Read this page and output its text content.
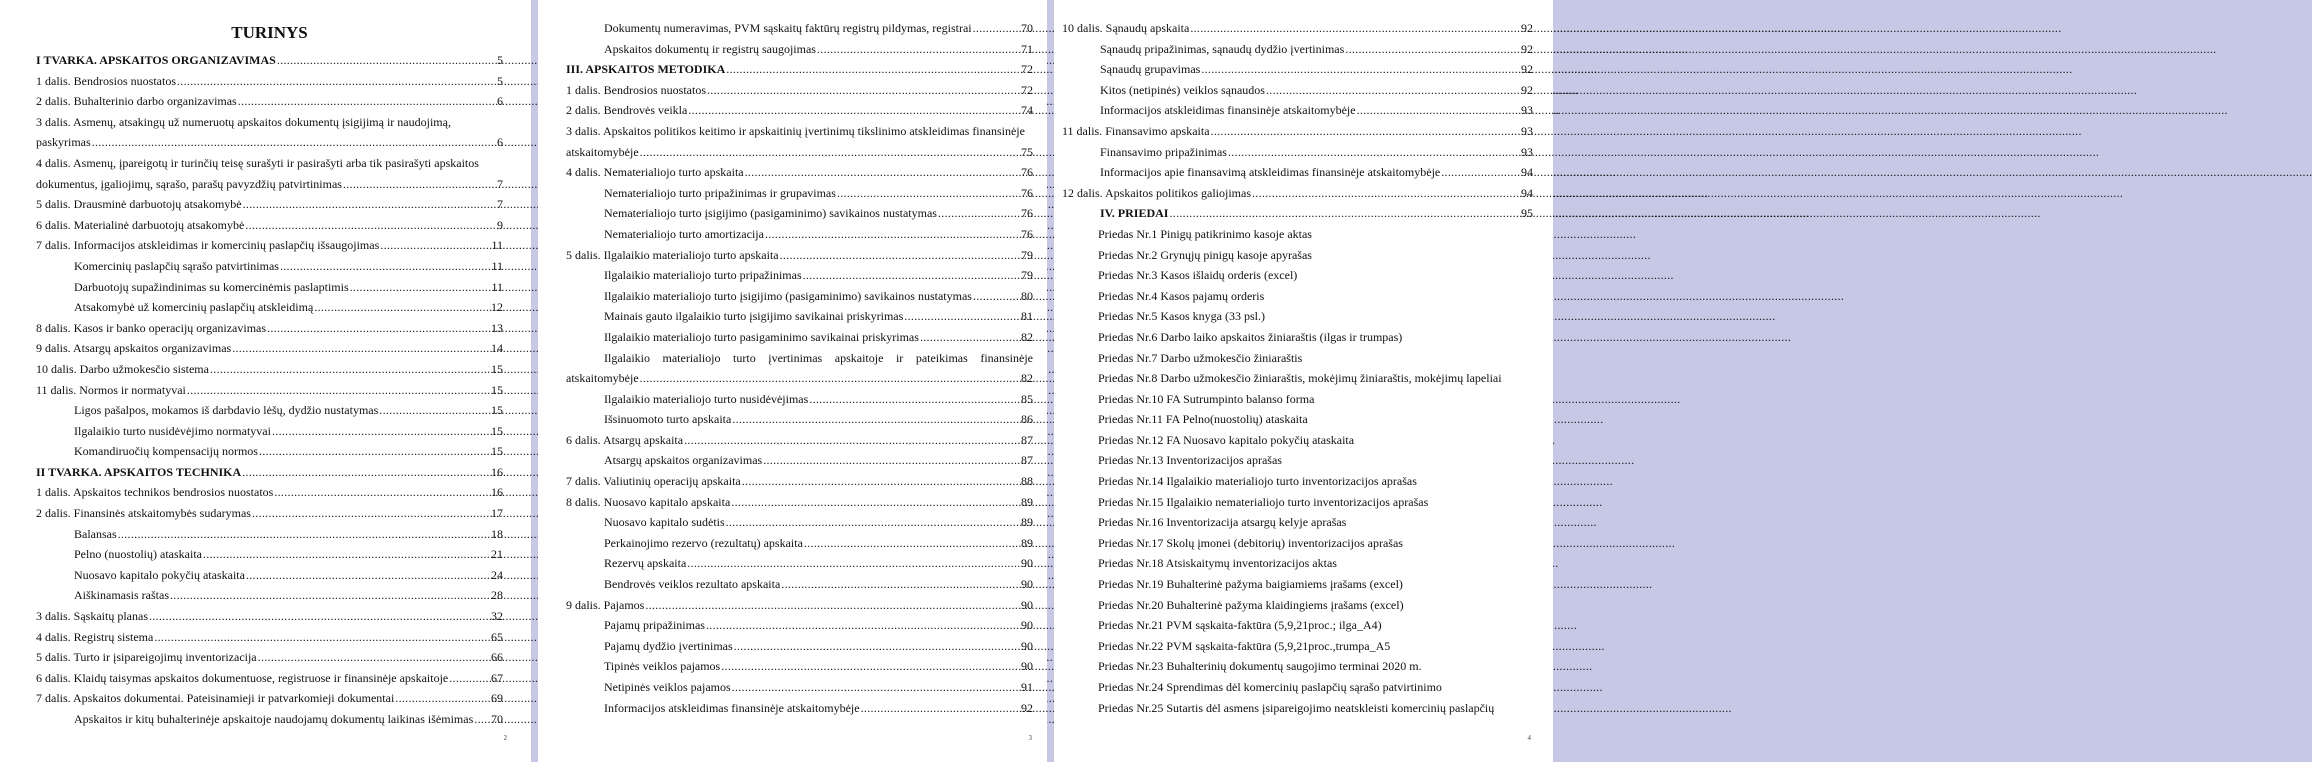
TURINYS
I TVARKA. APSKAITOS ORGANIZAVIMAS .....	5
1 dalis. Bendrosios nuostatos .....	5
2 dalis. Buhalterinio darbo organizavimas .....	6
3 dalis. Asmenų, atsakingų už numeruotų apskaitos dokumentų įsigijimą ir naudojimą,
paskyrimas .....	6
4 dalis. Asmenų, įpareigotų ir turinčių teisę surašyti ir pasirašyti arba tik pasirašyti apskaitos
dokumentus, įgaliojimų, sąrašo, parašų pavyzdžių patvirtinimas .....	7
5 dalis. Drausminė darbuotojų atsakomybė .....	7
6 dalis. Materialinė darbuotojų atsakomybė .....	9
7 dalis. Informacijos atskleidimas ir komercinių paslapčių išsaugojimas .....	11
Komercinių paslapčių sąrašo patvirtinimas .....	11
Darbuotojų supažindinimas su komercinėmis paslaptimis .....	11
Atsakomybė už komercinių paslapčių atskleidimą .....	12
8 dalis. Kasos ir banko operacijų organizavimas .....	13
9 dalis. Atsargų apskaitos organizavimas .....	14
10 dalis. Darbo užmokesčio sistema .....	15
11 dalis. Normos ir normatyvai .....	15
Ligos pašalpos, mokamos iš darbdavio lėšų, dydžio nustatymas .....	15
Ilgalaikio turto nusidėvėjimo normatyvai .....	15
Komandiruočių kompensacijų normos .....	15
II TVARKA. APSKAITOS TECHNIKA .....	16
1 dalis. Apskaitos technikos bendrosios nuostatos .....	16
2 dalis. Finansinės atskaitomybės sudarymas .....	17
Balansas .....	18
Pelno (nuostolių) ataskaita .....	21
Nuosavo kapitalo pokyčių ataskaita .....	24
Aiškinamasis raštas .....	28
3 dalis. Sąskaitų planas .....	32
4 dalis. Registrų sistema .....	65
5 dalis. Turto ir įsipareigojimų inventorizacija .....	66
6 dalis. Klaidų taisymas apskaitos dokumentuose, registruose ir finansinėje apskaitoje .....	67
7 dalis. Apskaitos dokumentai. Pateisinamieji ir patvarkomieji dokumentai .....	69
Apskaitos ir kitų buhalterinėje apskaitoje naudojamų dokumentų laikinas išėmimas ..... 70
2
Dokumentų numeravimas, PVM sąskaitų faktūrų registrų pildymas, registrai .....	70
Apskaitos dokumentų ir registrų saugojimas .....	71
III. APSKAITOS METODIKA .....	72
1 dalis. Bendrosios nuostatos .....	72
2 dalis. Bendrovės veikla .....	74
3 dalis. Apskaitos politikos keitimo ir apskaitinių įvertinimų tikslinimo atskleidimas finansinėje
atskaitomybėje .....	75
4 dalis. Nematerialiojo turto apskaita .....	76
Nematerialiojo turto pripažinimas ir grupavimas .....	76
Nematerialiojo turto įsigijimo (pasigaminimo) savikainos nustatymas .....	76
Nematerialiojo turto amortizacija .....	76
5 dalis. Ilgalaikio materialiojo turto apskaita .....	79
Ilgalaikio materialiojo turto pripažinimas .....	79
Ilgalaikio materialiojo turto įsigijimo (pasigaminimo) savikainos nustatymas .....	80
Mainais gauto ilgalaikio turto įsigijimo savikainai priskyrimas .....	81
Ilgalaikio materialiojo turto pasigaminimo savikainai priskyrimas .....	82
Ilgalaikio materialiojo turto įvertinimas apskaitoje ir pateikimas finansinėje
atskaitomybėje .....	82
Ilgalaikio materialiojo turto nusidėvėjimas .....	85
Išsinuomoto turto apskaita .....	86
6 dalis. Atsargų apskaita .....	87
Atsargų apskaitos organizavimas .....	87
7 dalis. Valiutinių operacijų apskaita .....	88
8 dalis. Nuosavo kapitalo apskaita .....	89
Nuosavo kapitalo sudėtis .....	89
Perkainojimo rezervo (rezultatų) apskaita .....	89
Rezervų apskaita .....	90
Bendrovės veiklos rezultato apskaita .....	90
9 dalis. Pajamos .....	90
Pajamų pripažinimas .....	90
Pajamų dydžio įvertinimas .....	90
Tipinės veiklos pajamos .....	90
Netipinės veiklos pajamos .....	91
Informacijos atskleidimas finansinėje atskaitomybėje .....	92
3
10 dalis. Sąnaudų apskaita .....	92
Sąnaudų pripažinimas, sąnaudų dydžio įvertinimas .....	92
Sąnaudų grupavimas .....	92
Kitos (netipinės) veiklos sąnaudos .....	92
Informacijos atskleidimas finansinėje atskaitomybėje .....	93
11 dalis. Finansavimo apskaita .....	93
Finansavimo pripažinimas .....	93
Informacijos apie finansavimą atskleidimas finansinėje atskaitomybėje .....	94
12 dalis. Apskaitos politikos galiojimas .....	94
IV. PRIEDAI .....	95
Priedas Nr.1 Pinigų patikrinimo kasoje aktas
Priedas Nr.2 Grynųjų pinigų kasoje apyrašas
Priedas Nr.3 Kasos išlaidų orderis (excel)
Priedas Nr.4 Kasos pajamų orderis
Priedas Nr.5 Kasos knyga (33 psl.)
Priedas Nr.6 Darbo laiko apskaitos žiniaraštis (ilgas ir trumpas)
Priedas Nr.7 Darbo užmokesčio žiniaraštis
Priedas Nr.8 Darbo užmokesčio žiniaraštis, mokėjimų žiniaraštis, mokėjimų lapeliai
Priedas Nr.10 FA Sutrumpinto balanso forma
Priedas Nr.11 FA Pelno(nuostolių) ataskaita
Priedas Nr.12 FA Nuosavo kapitalo pokyčių ataskaita
Priedas Nr.13 Inventorizacijos aprašas
Priedas Nr.14 Ilgalaikio materialiojo turto inventorizacijos aprašas
Priedas Nr.15 Ilgalaikio nematerialiojo turto inventorizacijos aprašas
Priedas Nr.16 Inventorizacija atsargų kelyje aprašas
Priedas Nr.17 Skolų įmonei (debitorių) inventorizacijos aprašas
Priedas Nr.18 Atsiskaitymų inventorizacijos aktas
Priedas Nr.19 Buhalterinė pažyma baigiamiems įrašams (excel)
Priedas Nr.20 Buhalterinė pažyma klaidingiems įrašams (excel)
Priedas Nr.21 PVM sąskaita-faktūra (5,9,21proc.; ilga_A4)
Priedas Nr.22 PVM sąskaita-faktūra (5,9,21proc.,trumpa_A5
Priedas Nr.23 Buhalterinių dokumentų saugojimo terminai 2020 m.
Priedas Nr.24 Sprendimas dėl komercinių paslapčių sąrašo patvirtinimo
Priedas Nr.25 Sutartis dėl asmens įsipareigojimo neatskleisti komercinių paslapčių
4
